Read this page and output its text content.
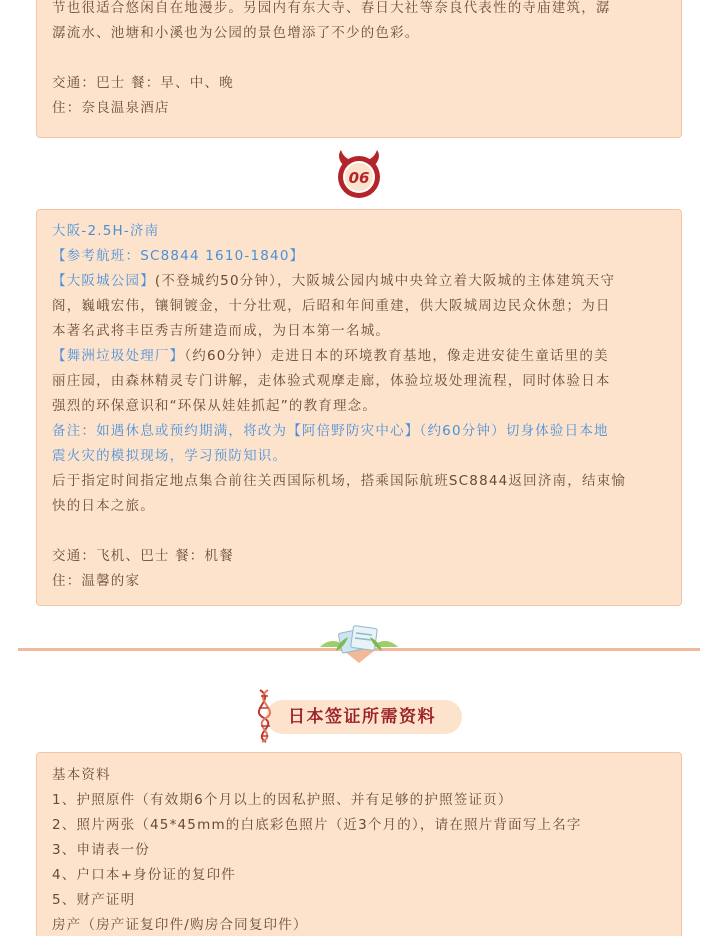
节也很适合悠闲自在地漫步。另园内有东大寺、春日大社等奈良代表性的寺庙建筑，潺
潺流水、池塘和小溪也为公园的景色增添了不少的色彩。
交通：巴士 餐：早、中、晚
住：奈良温泉酒店
06
大阪-2.5H-济南
【参考航班：SC8844 1610-1840】
【大阪城公园】(不登城约50分钟），大阪城公园内城中央耸立着大阪城的主体建筑天守
阁，巍峨宏伟，镶铜镀金，十分壮观，后昭和年间重建，供大阪城周边民众休憩；为日
本著名武将丰臣秀吉所建造而成，为日本第一名城。
【舞洲垃圾处理厂】（约60分钟）走进日本的环境教育基地，像走进安徒生童话里的美
丽庄园，由森林精灵专门讲解，走体验式观摩走廊，体验垃圾处理流程，同时体验日本
强烈的环保意识和“环保从娃娃抓起”的教育理念。
备注：如遇休息或预约期满，将改为【阿倍野防灾中心】（约60分钟）切身体验日本地
震火灾的模拟现场，学习预防知识。
后于指定时间指定地点集合前往关西国际机场，搭乘国际航班SC8844返回济南，结束愉
快的日本之旅。
交通：飞机、巴士 餐：机餐
住：温馨的家
日本签证所需资料
基本资料
1、护照原件（有效期6个月以上的因私护照、并有足够的护照签证页）
2、照片两张（45*45mm的白底彩色照片（近3个月的），请在照片背面写上名字
3、申请表一份
4、户口本+身份证的复印件
5、财产证明
房产（房产证复印件/购房合同复印件）
